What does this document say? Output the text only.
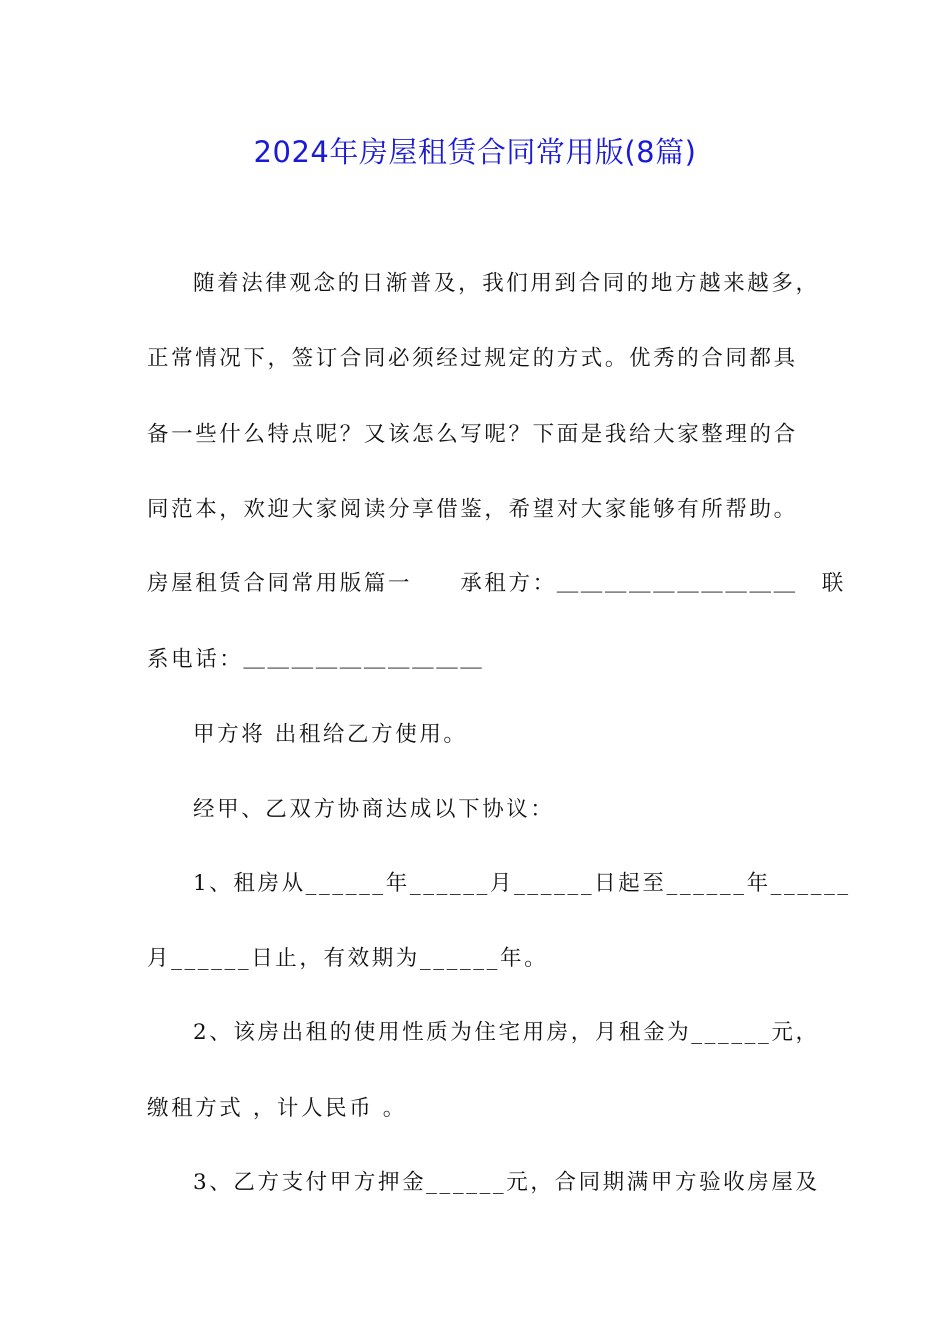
2024年房屋租赁合同常用版(8篇)
随着法律观念的日渐普及，我们用到合同的地方越来越多，
正常情况下，签订合同必须经过规定的方式。优秀的合同都具
备一些什么特点呢？又该怎么写呢？下面是我给大家整理的合
同范本，欢迎大家阅读分享借鉴，希望对大家能够有所帮助。
房屋租赁合同常用版篇一　　承租方：＿＿＿＿＿＿＿＿＿＿　联
系电话：＿＿＿＿＿＿＿＿＿＿
甲方将 出租给乙方使用。
经甲、乙双方协商达成以下协议：
1、租房从______年______月______日起至______年______
月______日止，有效期为______年。
2、该房出租的使用性质为住宅用房，月租金为______元，
缴租方式 ，计人民币 。
3、乙方支付甲方押金______元，合同期满甲方验收房屋及
